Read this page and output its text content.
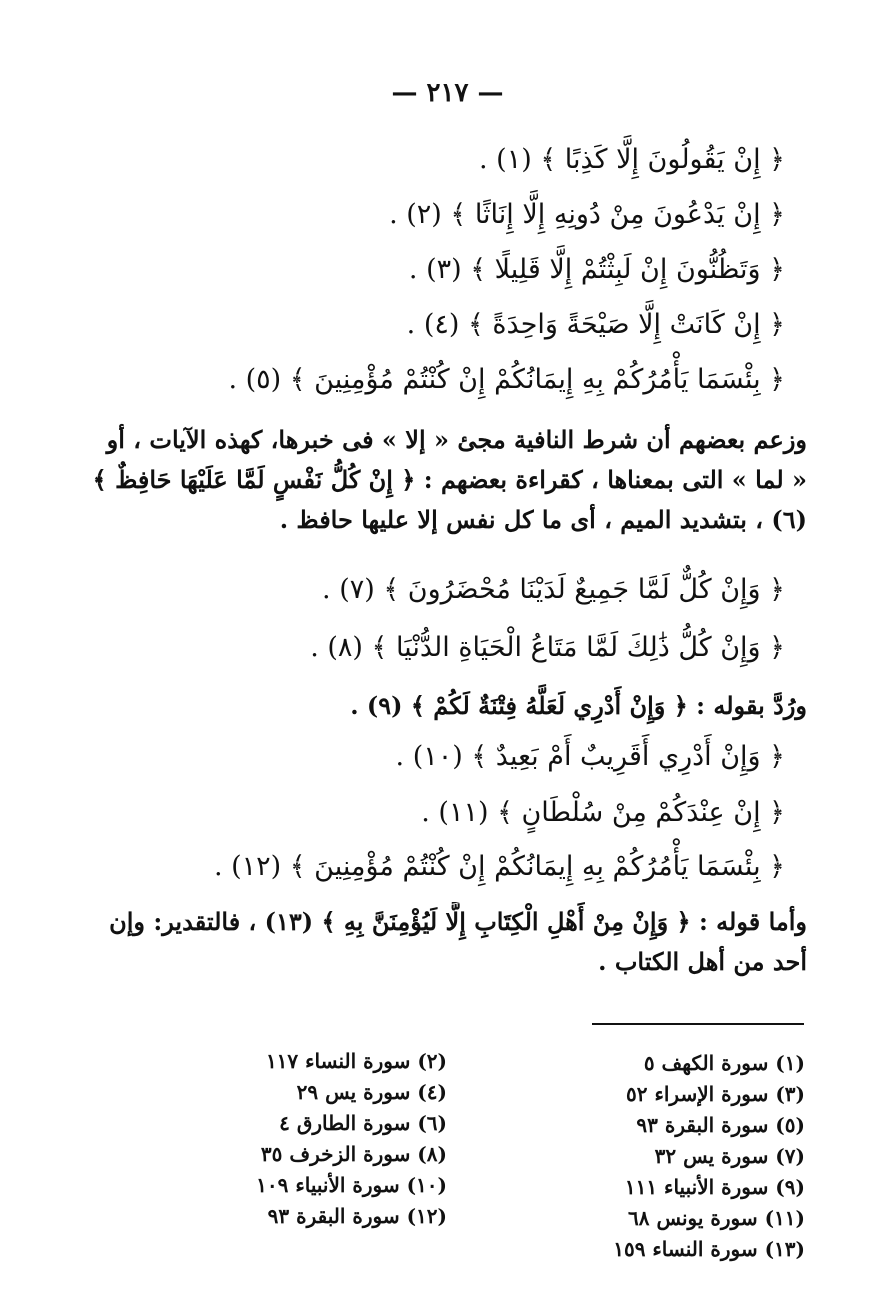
— ٢١٧ —
﴿ إِنْ يَقُولُونَ إِلَّا كَذِبًا ﴾ (١) .
﴿ إِنْ يَدْعُونَ مِنْ دُونِهِ إِلَّا إِنَاثًا ﴾ (٢) .
﴿ وَتَظُنُّونَ إِنْ لَبِثْتُمْ إِلَّا قَلِيلًا ﴾ (٣) .
﴿ إِنْ كَانَتْ إِلَّا صَيْحَةً وَاحِدَةً ﴾ (٤) .
﴿ بِئْسَمَا يَأْمُرُكُمْ بِهِ إِيمَانُكُمْ إِنْ كُنْتُمْ مُؤْمِنِينَ ﴾ (٥) .
وزعم بعضهم أن شرط النافية مجئ « إلا » فى خبرها، كهذه الآيات ، أو « لما » التى بمعناها ، كقراءة بعضهم : ﴿ إِنْ كُلُّ نَفْسٍ لَمَّا عَلَيْهَا حَافِظٌ ﴾ (٦) ، بتشديد الميم ، أى ما كل نفس إلا عليها حافظ .
﴿ وَإِنْ كُلٌّ لَمَّا جَمِيعٌ لَدَيْنَا مُحْضَرُونَ ﴾ (٧) .
﴿ وَإِنْ كُلُّ ذَٰلِكَ لَمَّا مَتَاعُ الْحَيَاةِ الدُّنْيَا ﴾ (٨) .
ورُدَّ بقوله : ﴿ وَإِنْ أَدْرِي لَعَلَّهُ فِتْنَةٌ لَكُمْ ﴾ (٩) .
﴿ وَإِنْ أَدْرِي أَقَرِيبٌ أَمْ بَعِيدٌ ﴾ (١٠) .
﴿ إِنْ عِنْدَكُمْ مِنْ سُلْطَانٍ ﴾ (١١) .
﴿ بِئْسَمَا يَأْمُرُكُمْ بِهِ إِيمَانُكُمْ إِنْ كُنْتُمْ مُؤْمِنِينَ ﴾ (١٢) .
وأما قوله : ﴿ وَإِنْ مِنْ أَهْلِ الْكِتَابِ إِلَّا لَيُؤْمِنَنَّ بِهِ ﴾ (١٣) ، فالتقدير: وإن أحد من أهل الكتاب .
(١) سورة الكهف ٥
(٣) سورة الإسراء ٥٢
(٥) سورة البقرة ٩٣
(٧) سورة يس ٣٢
(٩) سورة الأنبياء ١١١
(١١) سورة يونس ٦٨
(١٣) سورة النساء ١٥٩
(٢) سورة النساء ١١٧
(٤) سورة يس ٢٩
(٦) سورة الطارق ٤
(٨) سورة الزخرف ٣٥
(١٠) سورة الأنبياء ١٠٩
(١٢) سورة البقرة ٩٣
